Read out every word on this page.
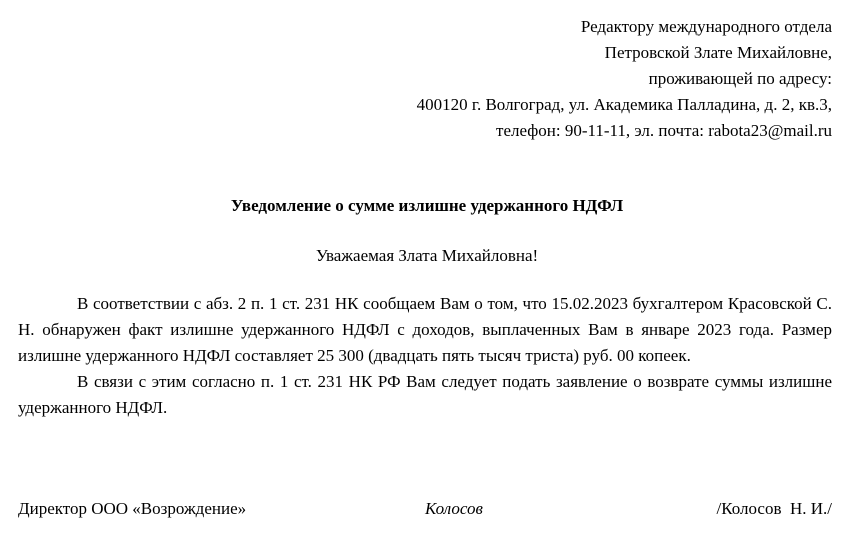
Редактору международного отдела
Петровской Злате Михайловне,
проживающей по адресу:
400120 г. Волгоград, ул. Академика Палладина, д. 2, кв.3,
телефон: 90-11-11, эл. почта: rabota23@mail.ru
Уведомление о сумме излишне удержанного НДФЛ
Уважаемая Злата Михайловна!

В соответствии с абз. 2 п. 1 ст. 231 НК сообщаем Вам о том, что 15.02.2023 бухгалтером Красовской С. Н. обнаружен факт излишне удержанного НДФЛ с доходов, выплаченных Вам в январе 2023 года. Размер излишне удержанного НДФЛ составляет 25 300 (двадцать пять тысяч триста) руб. 00 копеек.

В связи с этим согласно п. 1 ст. 231 НК РФ Вам следует подать заявление о возврате суммы излишне удержанного НДФЛ.

Директор ООО «Возрождение»	Колосов	/Колосов  Н. И./
